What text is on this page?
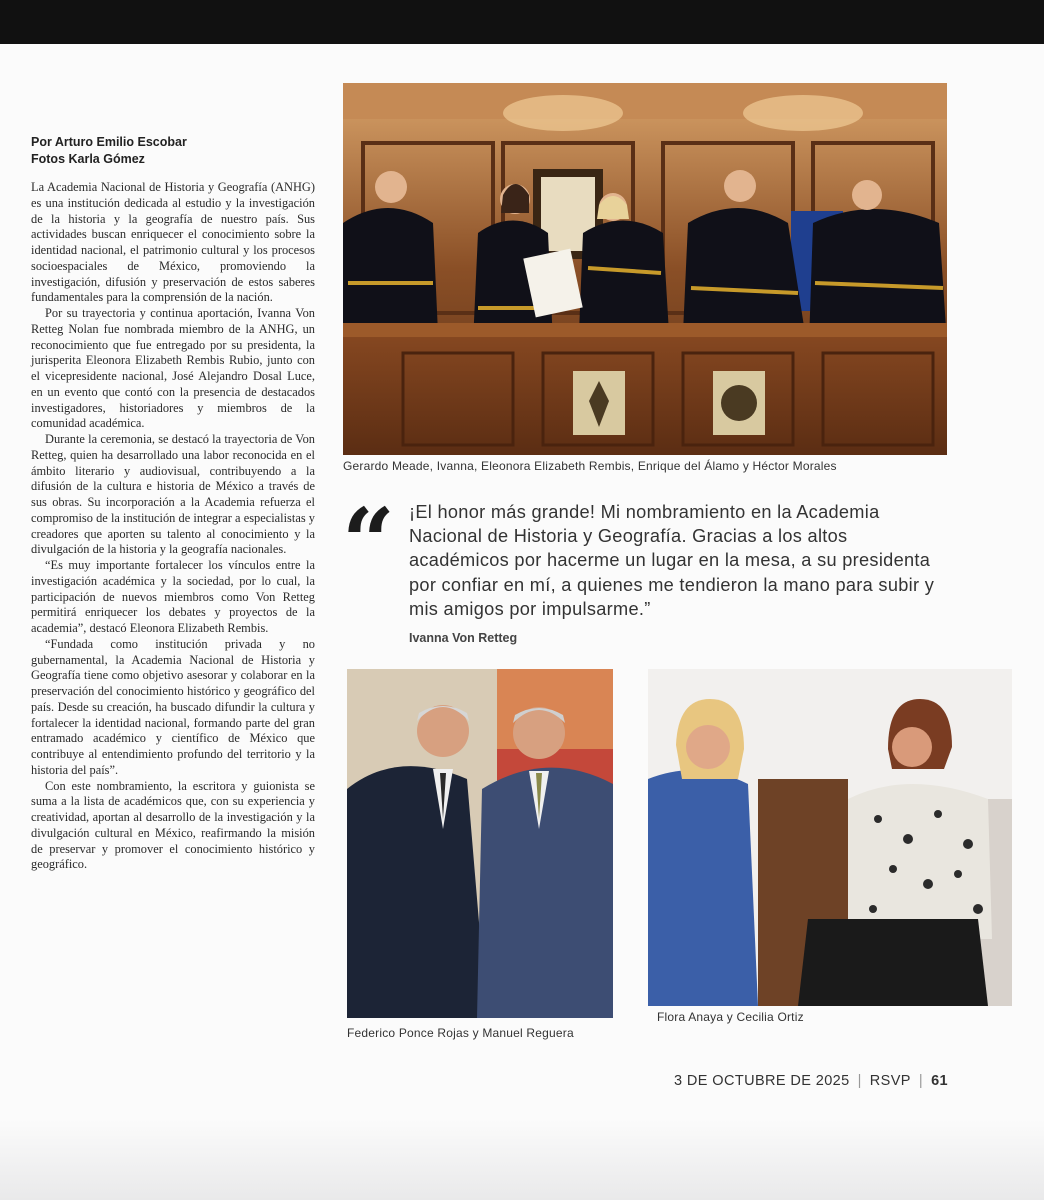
Por Arturo Emilio Escobar
Fotos Karla Gómez

La Academia Nacional de Historia y Geografía (ANHG) es una institución dedicada al estudio y la investigación de la historia y la geografía de nuestro país. Sus actividades buscan enriquecer el conocimiento sobre la identidad nacional, el patrimonio cultural y los procesos socioespaciales de México, promoviendo la investigación, difusión y preservación de estos saberes fundamentales para la comprensión de la nación.

Por su trayectoria y continua aportación, Ivanna Von Retteg Nolan fue nombrada miembro de la ANHG, un reconocimiento que fue entregado por su presidenta, la jurisperita Eleonora Elizabeth Rembis Rubio, junto con el vicepresidente nacional, José Alejandro Dosal Luce, en un evento que contó con la presencia de destacados investigadores, historiadores y miembros de la comunidad académica.

Durante la ceremonia, se destacó la trayectoria de Von Retteg, quien ha desarrollado una labor reconocida en el ámbito literario y audiovisual, contribuyendo a la difusión de la cultura e historia de México a través de sus obras. Su incorporación a la Academia refuerza el compromiso de la institución de integrar a especialistas y creadores que aporten su talento al conocimiento y la divulgación de la historia y la geografía nacionales.

“Es muy importante fortalecer los vínculos entre la investigación académica y la sociedad, por lo cual, la participación de nuevos miembros como Von Retteg permitirá enriquecer los debates y proyectos de la academia”, destacó Eleonora Elizabeth Rembis.

“Fundada como institución privada y no gubernamental, la Academia Nacional de Historia y Geografía tiene como objetivo asesorar y colaborar en la preservación del conocimiento histórico y geográfico del país. Desde su creación, ha buscado difundir la cultura y fortalecer la identidad nacional, formando parte del gran entramado académico y científico de México que contribuye al entendimiento profundo del territorio y la historia del país”.

Con este nombramiento, la escritora y guionista se suma a la lista de académicos que, con su experiencia y creatividad, aportan al desarrollo de la investigación y la divulgación cultural en México, reafirmando la misión de preservar y promover el conocimiento histórico y geográfico.

Gerardo Meade, Ivanna, Eleonora Elizabeth Rembis, Enrique del Álamo y Héctor Morales
“ ¡El honor más grande! Mi nombramiento en la Academia Nacional de Historia y Geografía. Gracias a los altos académicos por hacerme un lugar en la mesa, a su presidenta por confiar en mí, a quienes me tendieron la mano para subir y mis amigos por impulsarme.”
Ivanna Von Retteg
Federico Ponce Rojas y Manuel Reguera
Flora Anaya y Cecilia Ortiz
3 DE OCTUBRE DE 2025 | RSVP | 61
